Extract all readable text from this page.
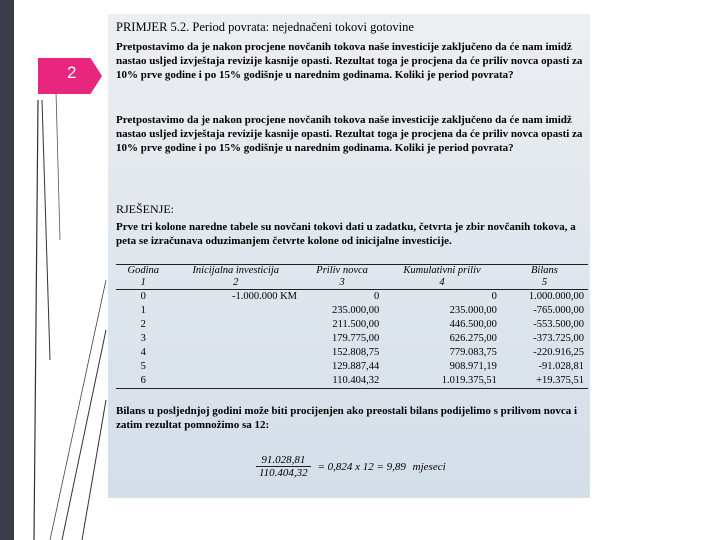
2

PRIMJER 5.2. Period povrata: nejednačeni tokovi gotovine

Pretpostavimo da je nakon procjene novčanih tokova naše investicije zaključeno da će nam imidž nastao usljed izvještaja revizije kasnije opasti. Rezultat toga je procjena da će priliv novca opasti za 10% prve godine i po 15% godišnje u narednim godinama. Koliki je period povrata?

Pretpostavimo da je nakon procjene novčanih tokova naše investicije zaključeno da će nam imidž nastao usljed izvještaja revizije kasnije opasti. Rezultat toga je procjena da će priliv novca opasti za 10% prve godine i po 15% godišnje u narednim godinama. Koliki je period povrata?

RJEŠENJE:

Prve tri kolone naredne tabele su novčani tokovi dati u zadatku, četvrta je zbir novčanih tokova, a peta se izračunava oduzimanjem četvrte kolone od inicijalne investicije.

Godina	Inicijalna investicija	Priliv novca	Kumulativni priliv	Bilans
1	2	3	4	5
0	-1.000.000 KM	0	0	1.000.000,00
1		235.000,00	235.000,00	-765.000,00
2		211.500,00	446.500,00	-553.500,00
3		179.775,00	626.275,00	-373.725,00
4		152.808,75	779.083,75	-220.916,25
5		129.887,44	908.971,19	-91.028,81
6		110.404,32	1.019.375,51	+19.375,51

Bilans u posljednjoj godini može biti procijenjen ako preostali bilans podijelimo s prilivom novca i zatim rezultat pomnožimo sa 12:

$\frac{91.028,81}{110.404,32} = 0,824$ x 12 = 9,89 mjeseci
